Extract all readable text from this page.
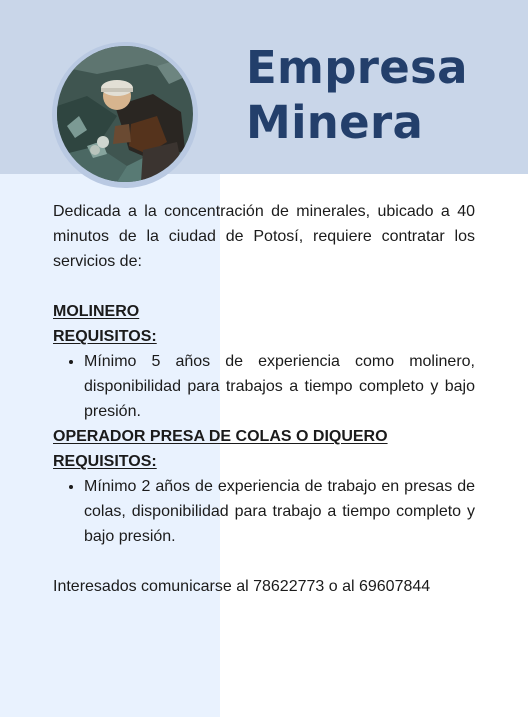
Empresa
Minera

Dedicada a la concentración de minerales, ubicado a 40 minutos de la ciudad de Potosí, requiere contratar los servicios de:

MOLINERO
REQUISITOS:
• Mínimo 5 años de experiencia como molinero, disponibilidad para trabajos a tiempo completo y bajo presión.
OPERADOR PRESA DE COLAS O DIQUERO
REQUISITOS:
• Mínimo 2 años de experiencia de trabajo en presas de colas, disponibilidad para trabajo a tiempo completo y bajo presión.

Interesados comunicarse al 78622773 o al 69607844
